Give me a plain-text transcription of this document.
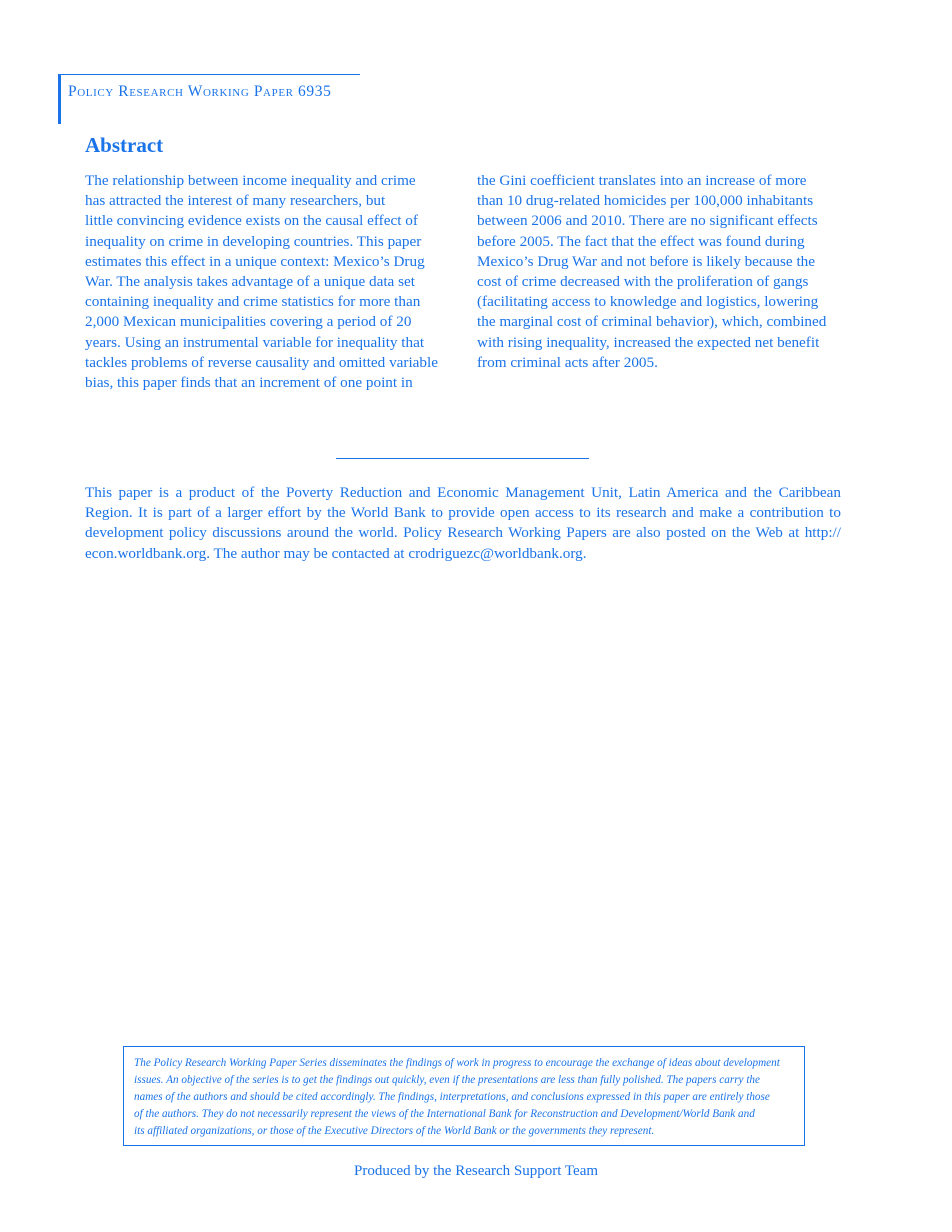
Policy Research Working Paper 6935
Abstract
The relationship between income inequality and crime
has attracted the interest of many researchers, but
little convincing evidence exists on the causal effect of
inequality on crime in developing countries. This paper
estimates this effect in a unique context: Mexico’s Drug
War. The analysis takes advantage of a unique data set
containing inequality and crime statistics for more than
2,000 Mexican municipalities covering a period of 20
years. Using an instrumental variable for inequality that
tackles problems of reverse causality and omitted variable
bias, this paper finds that an increment of one point in
the Gini coefficient translates into an increase of more
than 10 drug-related homicides per 100,000 inhabitants
between 2006 and 2010. There are no significant effects
before 2005. The fact that the effect was found during
Mexico’s Drug War and not before is likely because the
cost of crime decreased with the proliferation of gangs
(facilitating access to knowledge and logistics, lowering
the marginal cost of criminal behavior), which, combined
with rising inequality, increased the expected net benefit
from criminal acts after 2005.
This paper is a product of the Poverty Reduction and Economic Management Unit, Latin America and the Caribbean
Region. It is part of a larger effort by the World Bank to provide open access to its research and make a contribution to
development policy discussions around the world. Policy Research Working Papers are also posted on the Web at http://
econ.worldbank.org. The author may be contacted at crodriguezc@worldbank.org.
The Policy Research Working Paper Series disseminates the findings of work in progress to encourage the exchange of ideas about development
issues. An objective of the series is to get the findings out quickly, even if the presentations are less than fully polished. The papers carry the
names of the authors and should be cited accordingly. The findings, interpretations, and conclusions expressed in this paper are entirely those
of the authors. They do not necessarily represent the views of the International Bank for Reconstruction and Development/World Bank and
its affiliated organizations, or those of the Executive Directors of the World Bank or the governments they represent.
Produced by the Research Support Team
